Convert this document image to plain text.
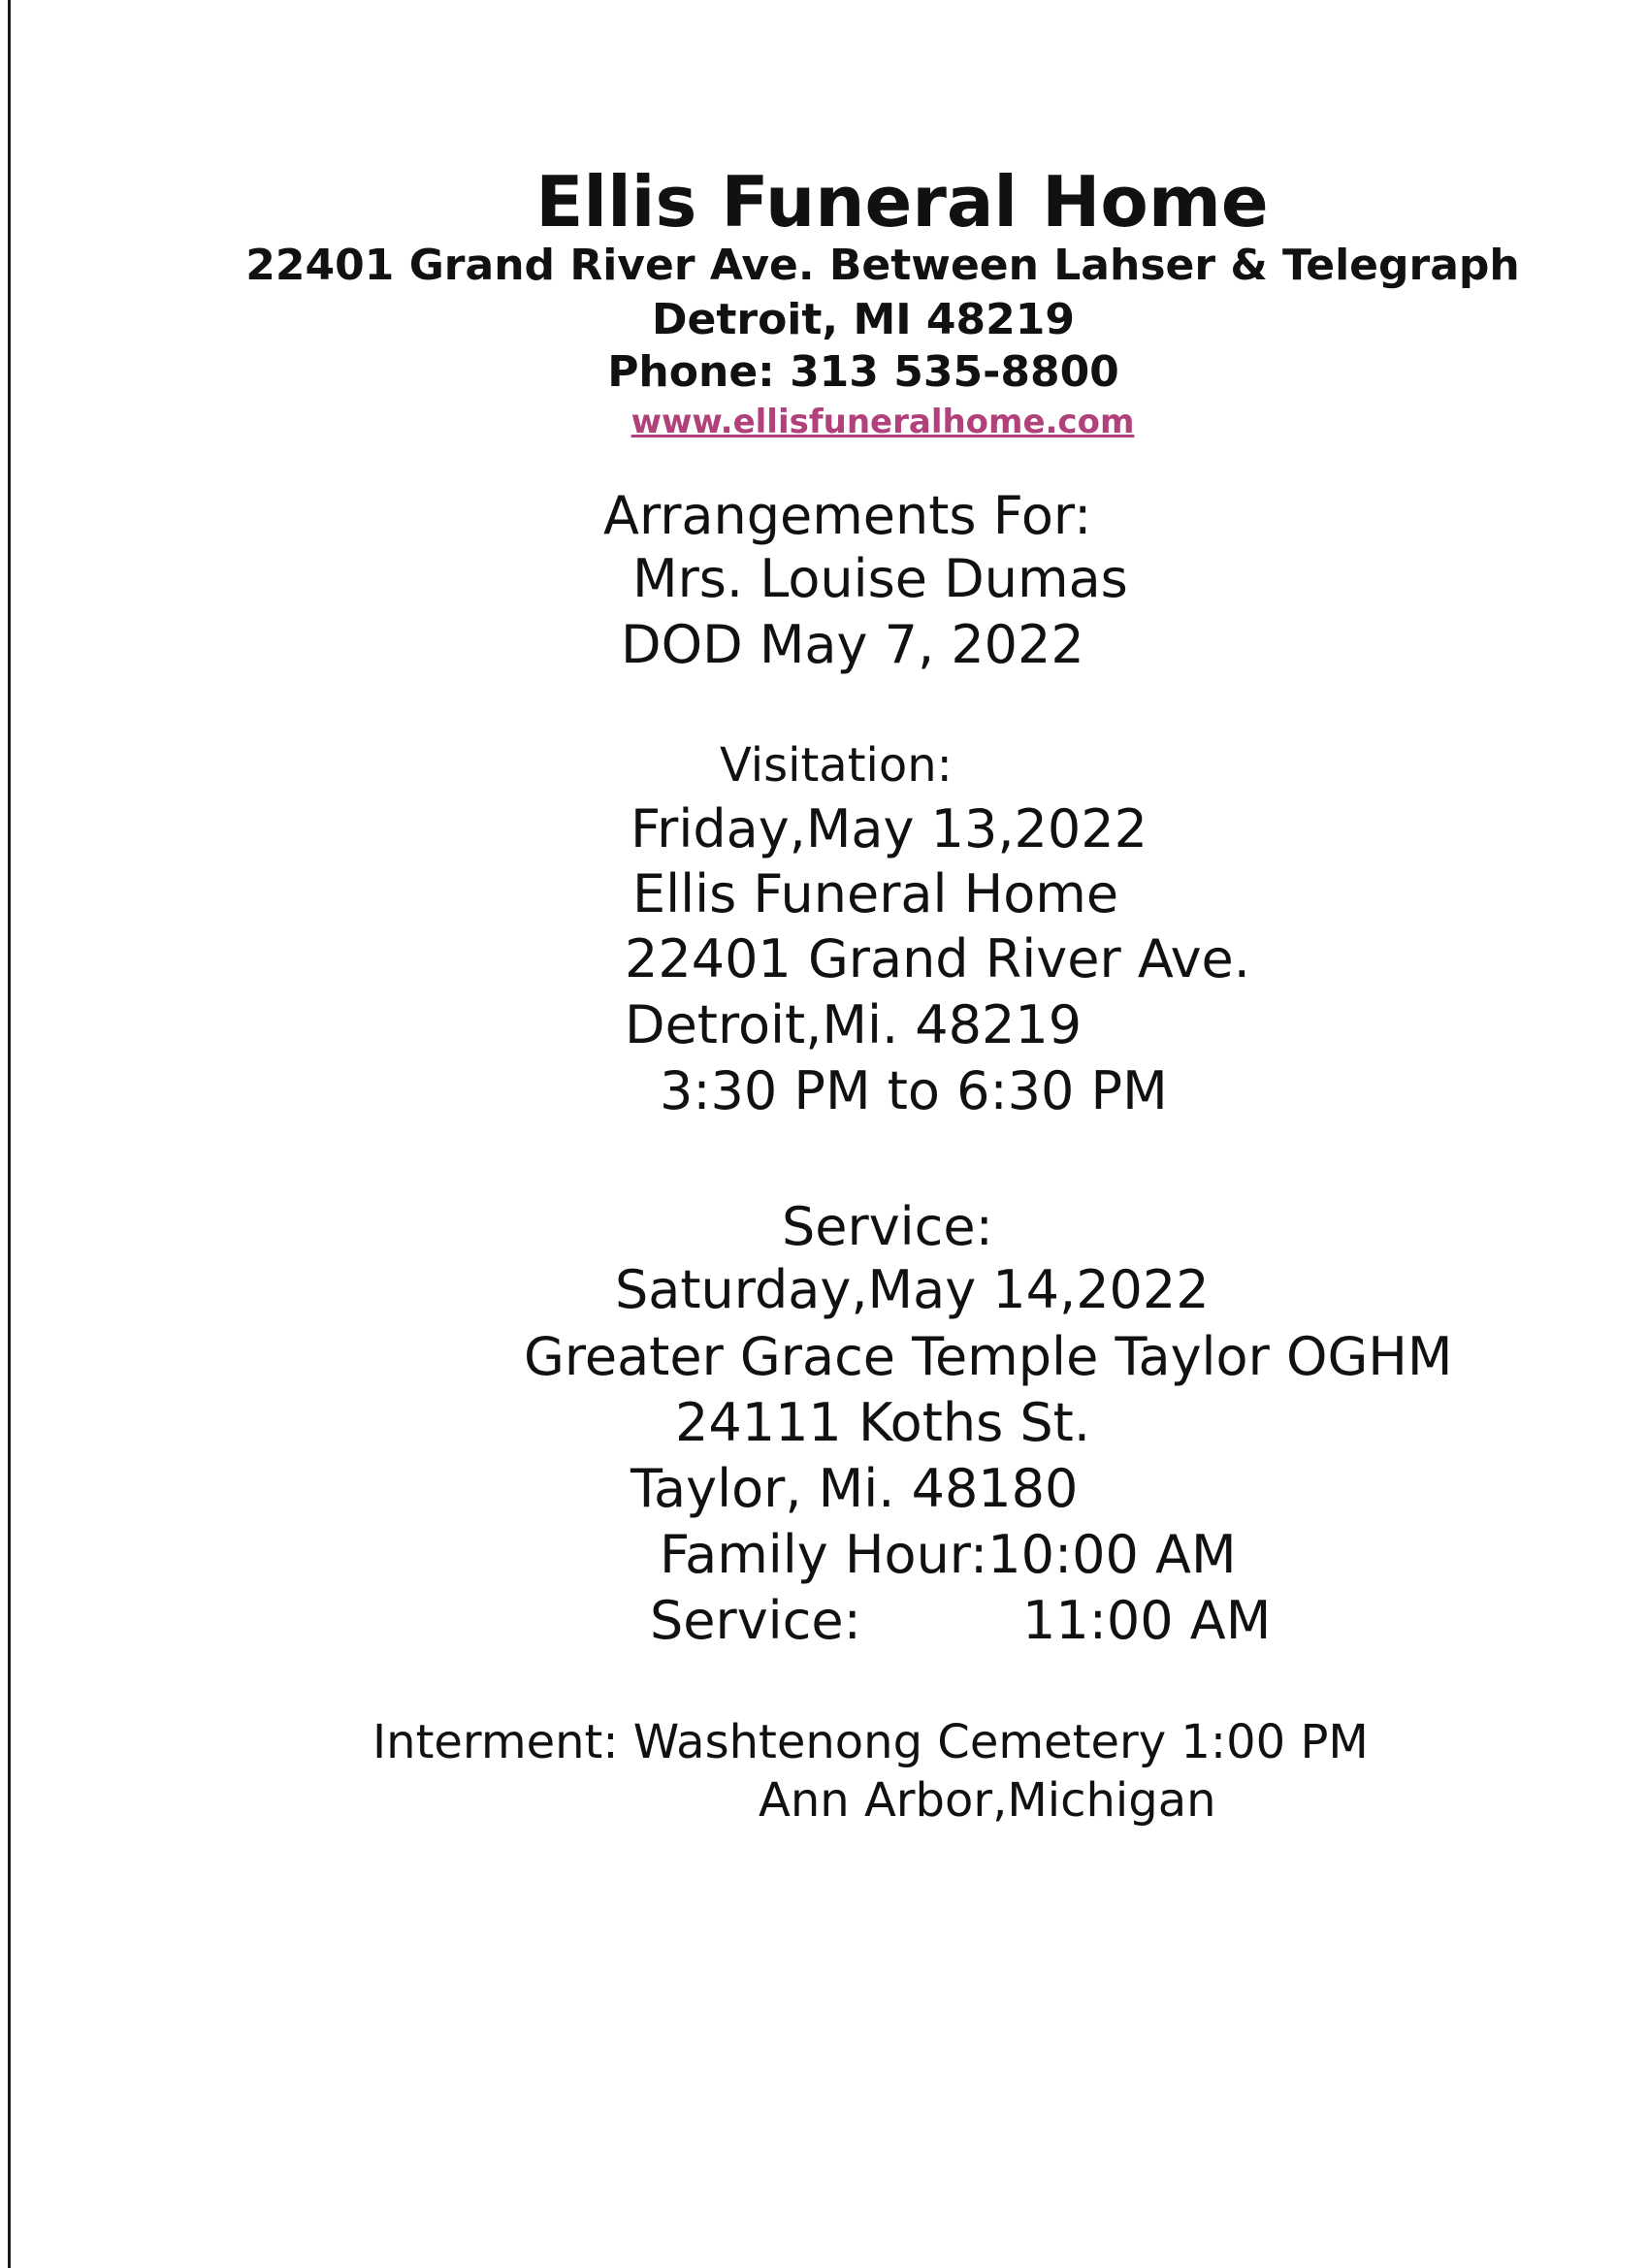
Ellis Funeral Home
22401 Grand River Ave. Between Lahser & Telegraph
Detroit, MI 48219
Phone: 313 535-8800
www.ellisfuneralhome.com
Arrangements For:
Mrs. Louise Dumas
DOD May 7, 2022
Visitation:
Friday,May 13,2022
Ellis Funeral Home
22401 Grand River Ave.
Detroit,Mi. 48219
3:30 PM to 6:30 PM
Service:
Saturday,May 14,2022
Greater Grace Temple Taylor OGHM
24111 Koths St.
Taylor, Mi. 48180
Family Hour:10:00 AM
Service:	11:00 AM
Interment: Washtenong Cemetery 1:00 PM
Ann Arbor,Michigan
